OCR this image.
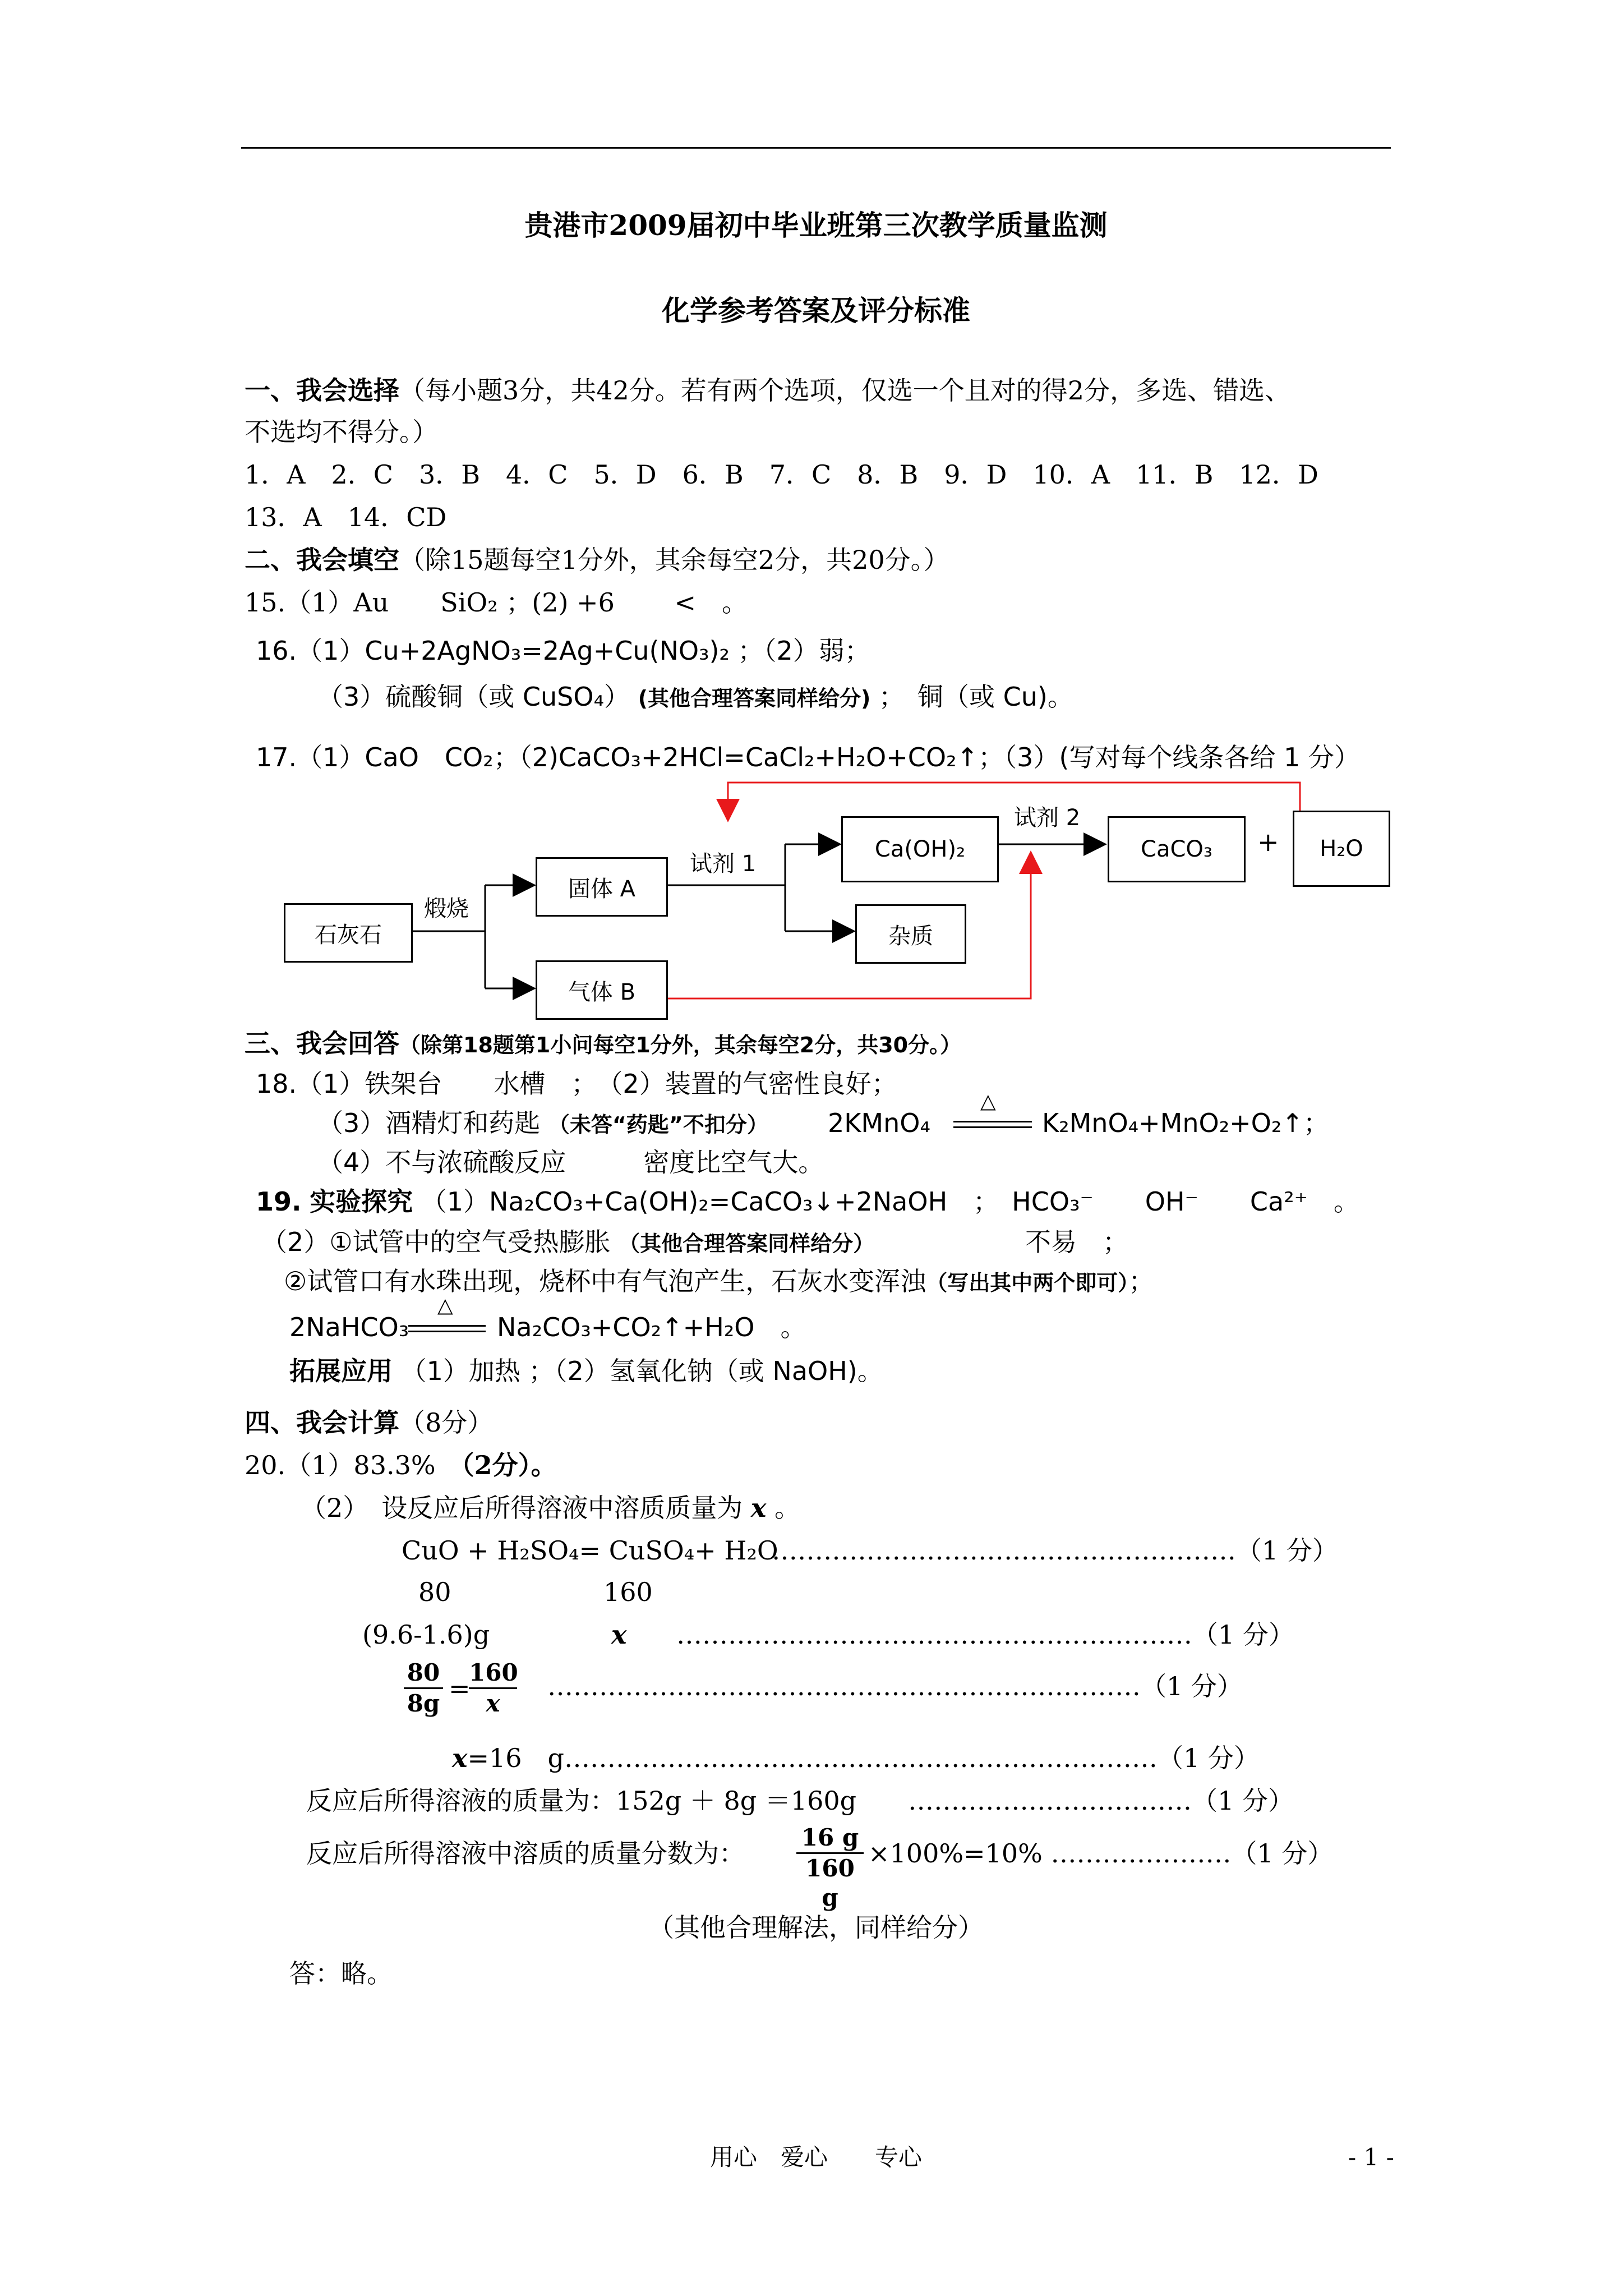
贵港市2009届初中毕业班第三次教学质量监测
化学参考答案及评分标准
一、我会选择（每小题3分，共42分。若有两个选项，仅选一个且对的得2分，多选、错选、
不选均不得分。）
1．A　2．C　3．B　4．C　5．D　6．B　7．C　8．B　9．D　10．A　11．B　12．D
13．A　14．CD
二、我会填空（除15题每空1分外，其余每空2分，共20分。）
15.（1）Au　　SiO₂ ；(2) +6　　 <　。
16.（1）Cu+2AgNO₃=2Ag+Cu(NO₃)₂ ；（2）弱；
（3）硫酸铜（或 CuSO₄） (其他合理答案同样给分) ；　铜（或 Cu)。
17.（1）CaO　CO₂；（2)CaCO₃+2HCl=CaCl₂+H₂O+CO₂↑；（3）(写对每个线条各给 1 分）
石灰石
煅烧
固体 A
气体 B
试剂 1
Ca(OH)₂
杂质
试剂 2
CaCO₃	+	H₂O
三、我会回答（除第18题第1小问每空1分外，其余每空2分，共30分。）
18.（1）铁架台　　水槽　；　（2）装置的气密性良好；
（3）酒精灯和药匙 （未答“药匙”不扣分） 2KMnO₄
△
K₂MnO₄+MnO₂+O₂↑；
（4）不与浓硫酸反应　　　密度比空气大。
19. 实验探究 （1）Na₂CO₃+Ca(OH)₂=CaCO₃↓+2NaOH　；　HCO₃⁻　　OH⁻　　Ca²⁺　。
（2）①试管中的空气受热膨胀 （其他合理答案同样给分）	不易　；
②试管口有水珠出现，烧杯中有气泡产生，石灰水变浑浊（写出其中两个即可）；
2NaHCO₃
△
Na₂CO₃+CO₂↑+H₂O　。
拓展应用 （1）加热 ；（2）氢氧化钠（或 NaOH)。
四、我会计算（8分）
20.（1）83.3%　（2分）。
（2）　设反应后所得溶液中溶质质量为 x 。
CuO + H₂SO₄= CuSO₄+ H₂O
………………………………………………（1 分）
80	160
(9.6-1.6)g	x ……………………………………………………（1 分）
$\frac{80}{8g}$ =
$\frac{160}{x}$ ……………………………………………………………（1 分）
x=16　g ……………………………………………………………（1 分）
反应后所得溶液的质量为：152g ＋ 8g ＝160g　　……………………………（1 分）
反应后所得溶液中溶质的质量分数为： $\frac{16 g}{160 g} \times 100\%=10\%$ …………………（1 分）
（其他合理解法，同样给分）
答：略。
用心　爱心　　专心	- 1 -
